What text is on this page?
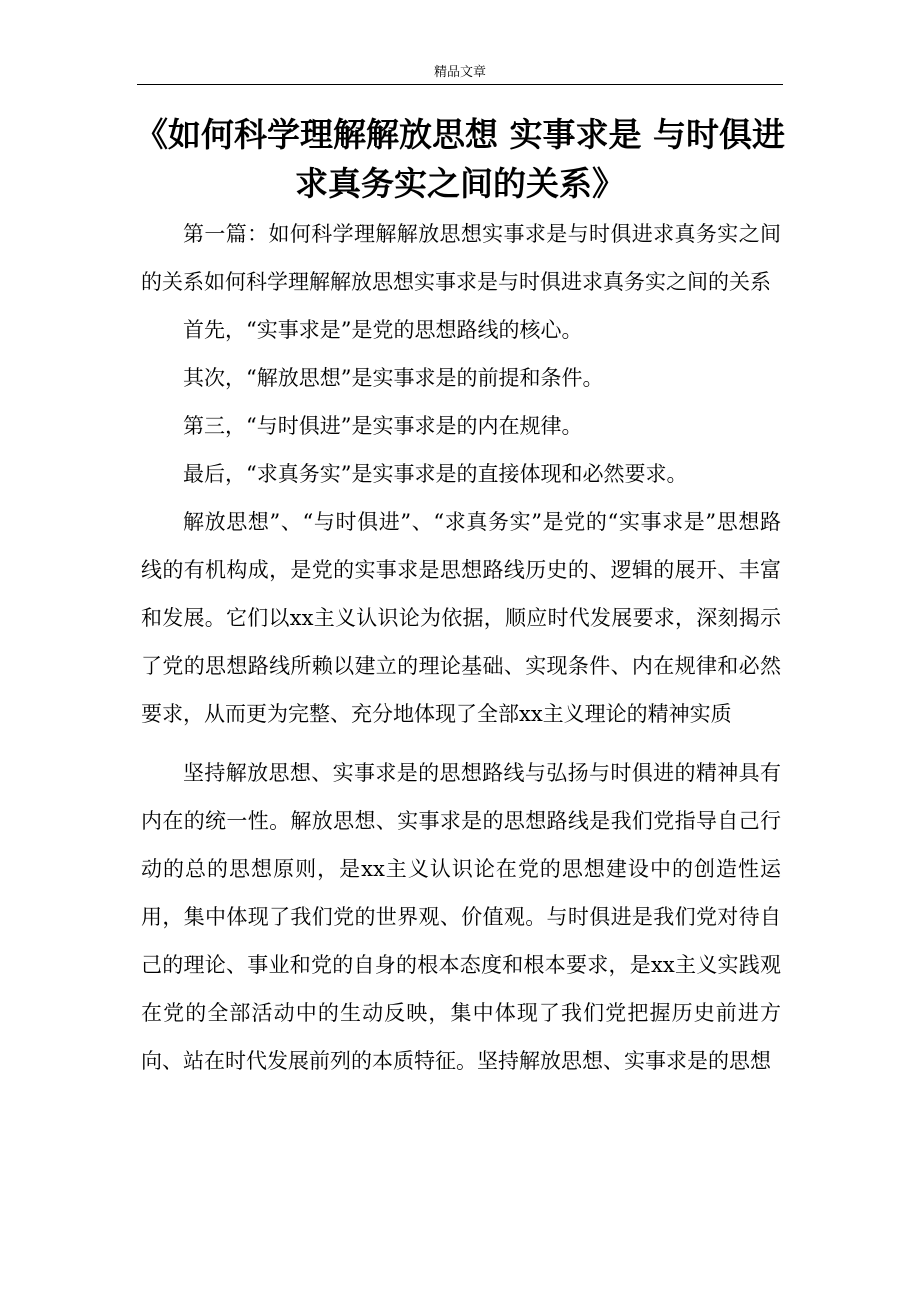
精品文章
《如何科学理解解放思想 实事求是 与时俱进 求真务实之间的关系》

第一篇：如何科学理解解放思想实事求是与时俱进求真务实之间的关系如何科学理解解放思想实事求是与时俱进求真务实之间的关系

首先，“实事求是”是党的思想路线的核心。

其次，“解放思想”是实事求是的前提和条件。

第三，“与时俱进”是实事求是的内在规律。

最后，“求真务实”是实事求是的直接体现和必然要求。

解放思想”、“与时俱进”、“求真务实”是党的“实事求是”思想路线的有机构成，是党的实事求是思想路线历史的、逻辑的展开、丰富和发展。它们以xx主义认识论为依据，顺应时代发展要求，深刻揭示了党的思想路线所赖以建立的理论基础、实现条件、内在规律和必然要求，从而更为完整、充分地体现了全部xx主义理论的精神实质

坚持解放思想、实事求是的思想路线与弘扬与时俱进的精神具有内在的统一性。解放思想、实事求是的思想路线是我们党指导自己行动的总的思想原则，是xx主义认识论在党的思想建设中的创造性运用，集中体现了我们党的世界观、价值观。与时俱进是我们党对待自己的理论、事业和党的自身的根本态度和根本要求，是xx主义实践观在党的全部活动中的生动反映，集中体现了我们党把握历史前进方向、站在时代发展前列的本质特征。坚持解放思想、实事求是的思想
